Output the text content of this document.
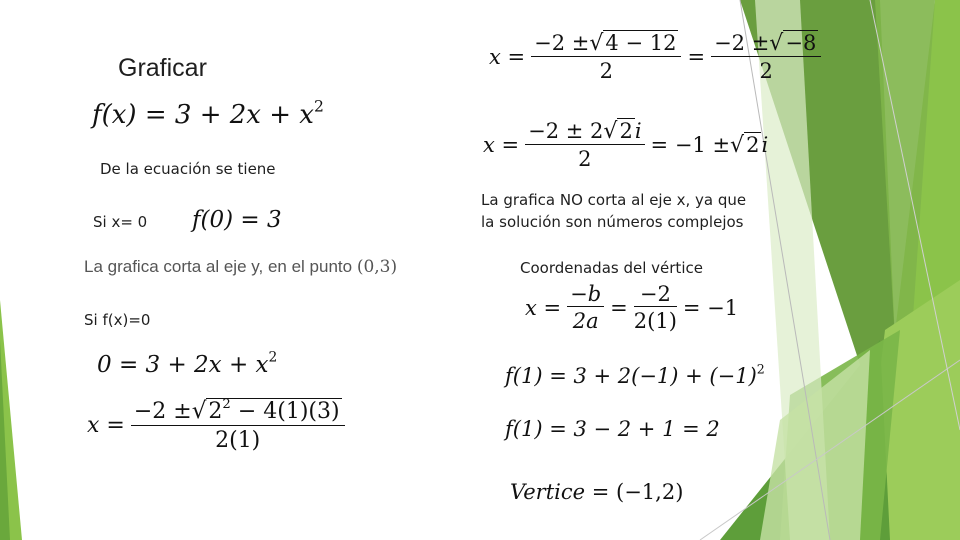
Graficar
$f(x) = 3 + 2x + x^2$
De la ecuación se tiene
Si x= 0 f(0) = 3
La grafica corta al eje y, en el punto (0,3)
Si f(x)=0
$0 = 3 + 2x + x^2$
$x = \frac{-2 \pm√2^2 - 4(1)(3)}{2(1)}$
$x = \frac{-2 \pm√4 - 12}{2} = \frac{-2 \pm√-8}{2}$
$x = \frac{-2 \pm 2√2i}{2} = -1 \pm√2i$
La grafica NO corta al eje x, ya que
la solución son números complejos
Coordenadas del vértice
$x = \frac{-b}{2a} = \frac{-2}{2(1)} = -1$
$f(1) = 3 + 2(-1) + (-1)^2$
f(1) = 3 − 2 + 1 = 2
Vertice = (−1,2)
